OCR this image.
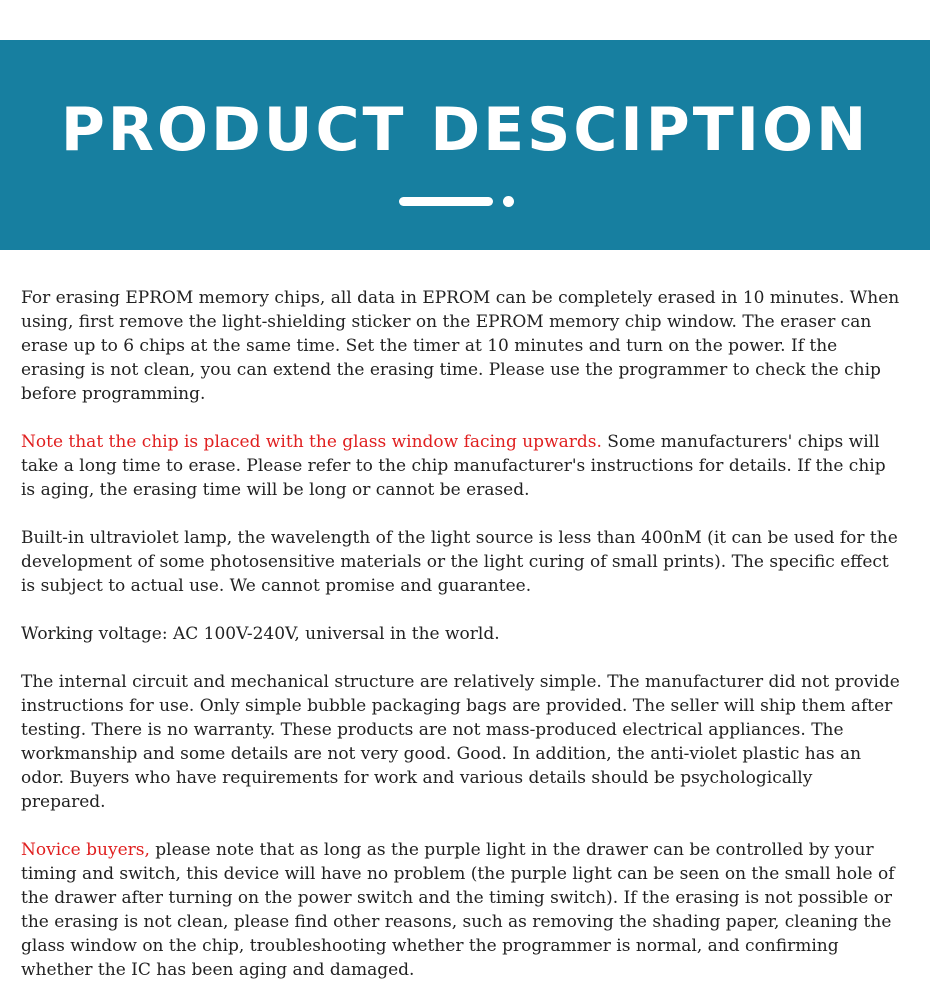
PRODUCT DESCIPTION

For erasing EPROM memory chips, all data in EPROM can be completely erased in 10 minutes. When using, first remove the light-shielding sticker on the EPROM memory chip window. The eraser can erase up to 6 chips at the same time. Set the timer at 10 minutes and turn on the power. If the erasing is not clean, you can extend the erasing time. Please use the programmer to check the chip before programming.

Note that the chip is placed with the glass window facing upwards. Some manufacturers' chips will take a long time to erase. Please refer to the chip manufacturer's instructions for details. If the chip is aging, the erasing time will be long or cannot be erased.

Built-in ultraviolet lamp, the wavelength of the light source is less than 400nM (it can be used for the development of some photosensitive materials or the light curing of small prints). The specific effect is subject to actual use. We cannot promise and guarantee.

Working voltage: AC 100V-240V, universal in the world.

The internal circuit and mechanical structure are relatively simple. The manufacturer did not provide instructions for use. Only simple bubble packaging bags are provided. The seller will ship them after testing. There is no warranty. These products are not mass-produced electrical appliances. The workmanship and some details are not very good. Good. In addition, the anti-violet plastic has an odor. Buyers who have requirements for work and various details should be psychologically prepared.

Novice buyers, please note that as long as the purple light in the drawer can be controlled by your timing and switch, this device will have no problem (the purple light can be seen on the small hole of the drawer after turning on the power switch and the timing switch). If the erasing is not possible or the erasing is not clean, please find other reasons, such as removing the shading paper, cleaning the glass window on the chip, troubleshooting whether the programmer is normal, and confirming whether the IC has been aging and damaged.
